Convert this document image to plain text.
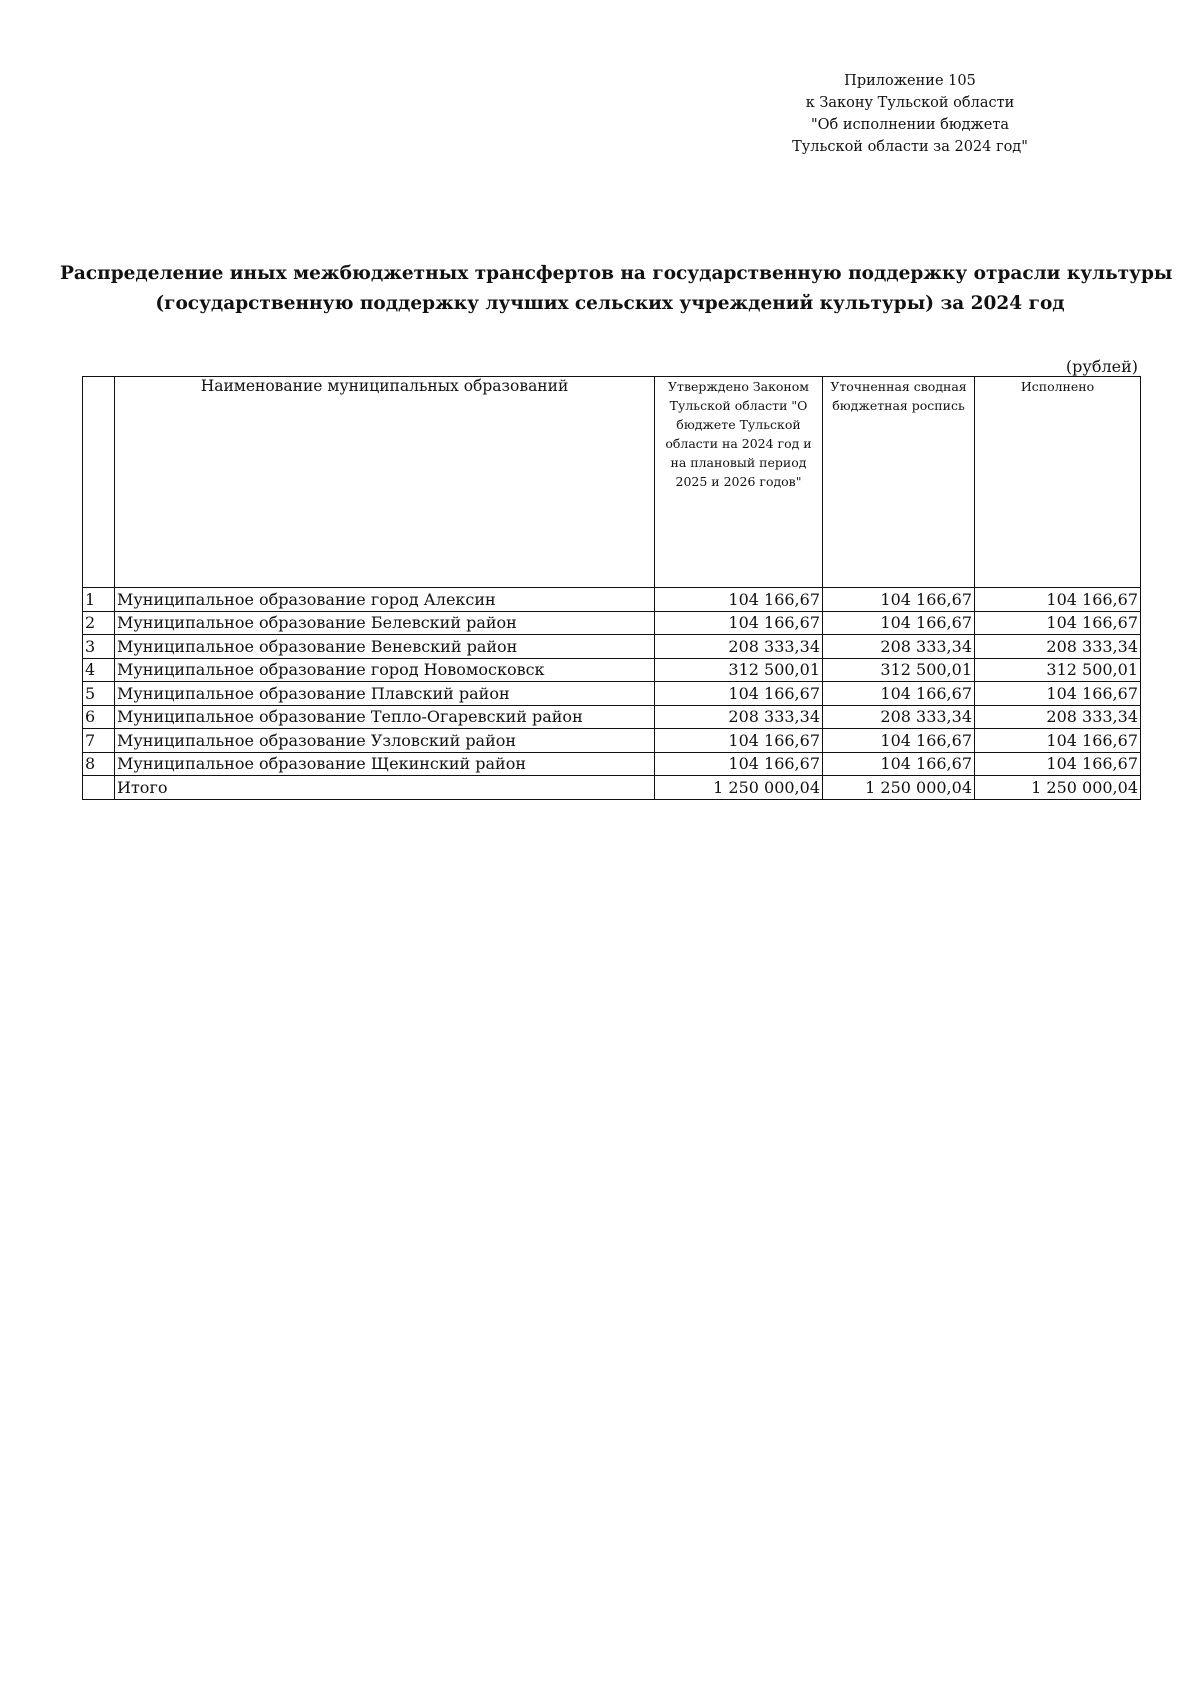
Приложение 105
к Закону Тульской области
"Об исполнении бюджета
Тульской области за 2024 год"
Распределение иных межбюджетных трансфертов на государственную поддержку отрасли культуры
(государственную поддержку лучших сельских учреждений культуры) за 2024 год
(рублей)
	Наименование муниципальных образований	Утверждено Законом Тульской области "О бюджете Тульской области на 2024 год и на плановый период 2025 и 2026 годов"	Уточненная сводная бюджетная роспись	Исполнено
1	Муниципальное образование город Алексин	104 166,67	104 166,67	104 166,67
2	Муниципальное образование Белевский район	104 166,67	104 166,67	104 166,67
3	Муниципальное образование Веневский район	208 333,34	208 333,34	208 333,34
4	Муниципальное образование город Новомосковск	312 500,01	312 500,01	312 500,01
5	Муниципальное образование Плавский район	104 166,67	104 166,67	104 166,67
6	Муниципальное образование Тепло-Огаревский район	208 333,34	208 333,34	208 333,34
7	Муниципальное образование Узловский район	104 166,67	104 166,67	104 166,67
8	Муниципальное образование Щекинский район	104 166,67	104 166,67	104 166,67
	Итого	1 250 000,04	1 250 000,04	1 250 000,04
